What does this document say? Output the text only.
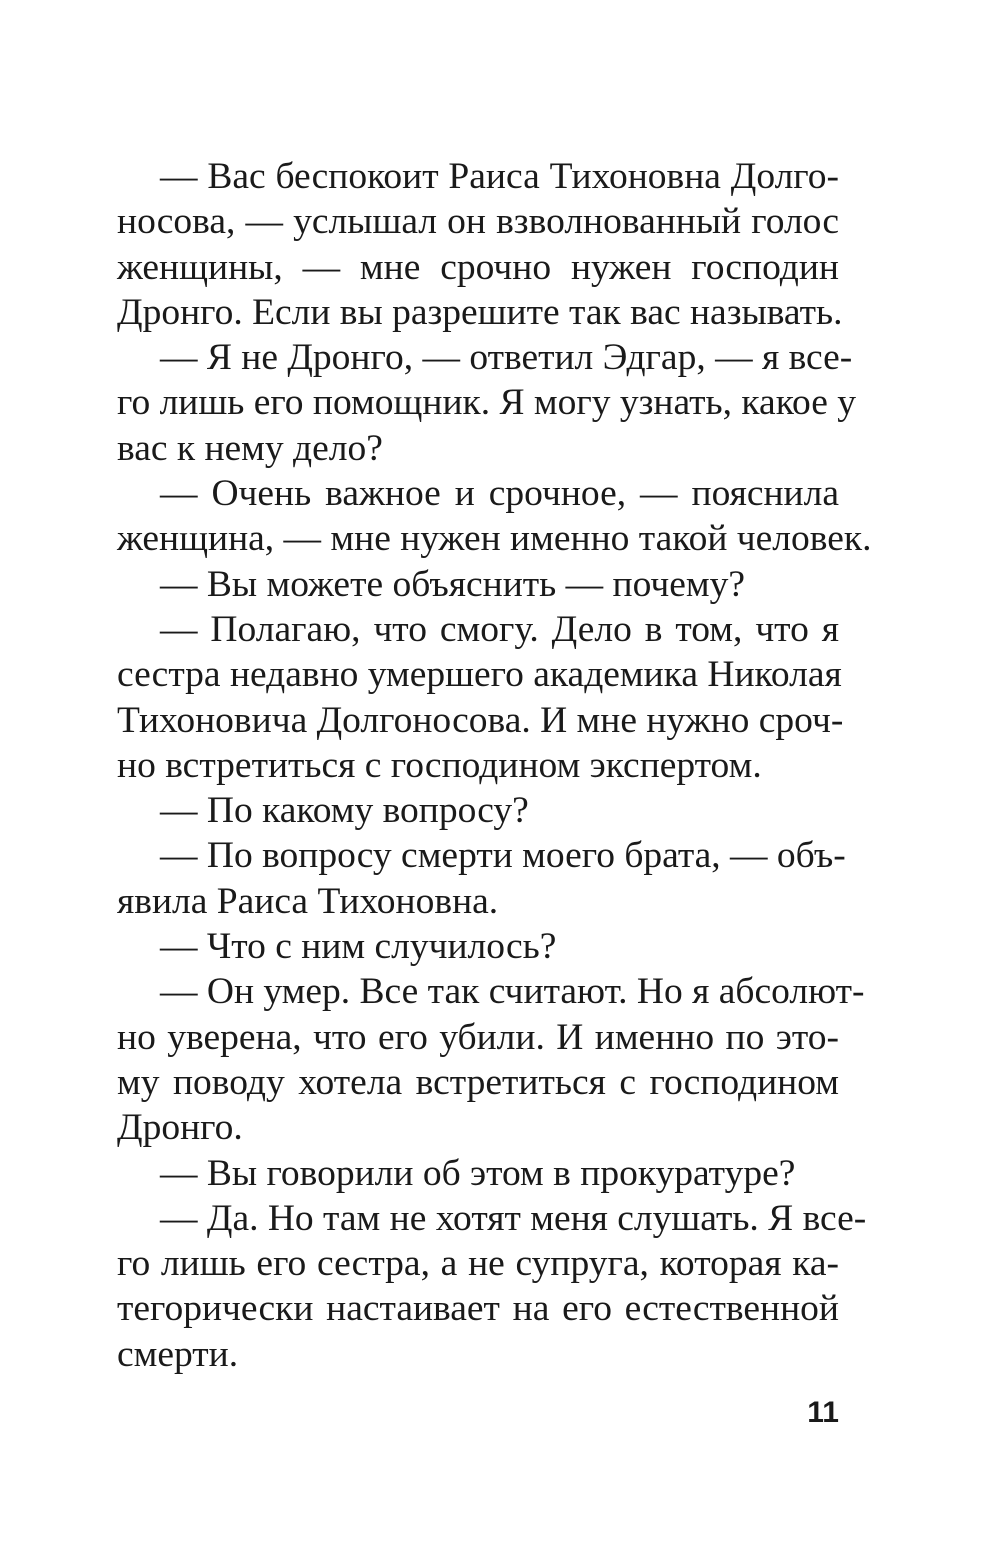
— Вас беспокоит Раиса Тихоновна Долго-
носова, — услышал он взволнованный голос
женщины, — мне срочно нужен господин
Дронго. Если вы разрешите так вас называть.
— Я не Дронго, — ответил Эдгар, — я все-
го лишь его помощник. Я могу узнать, какое у
вас к нему дело?
— Очень важное и срочное, — пояснила
женщина, — мне нужен именно такой человек.
— Вы можете объяснить — почему?
— Полагаю, что смогу. Дело в том, что я
сестра недавно умершего академика Николая
Тихоновича Долгоносова. И мне нужно сроч-
но встретиться с господином экспертом.
— По какому вопросу?
— По вопросу смерти моего брата, — объ-
явила Раиса Тихоновна.
— Что с ним случилось?
— Он умер. Все так считают. Но я абсолют-
но уверена, что его убили. И именно по это-
му поводу хотела встретиться с господином
Дронго.
— Вы говорили об этом в прокуратуре?
— Да. Но там не хотят меня слушать. Я все-
го лишь его сестра, а не супруга, которая ка-
тегорически настаивает на его естественной
смерти.
11
